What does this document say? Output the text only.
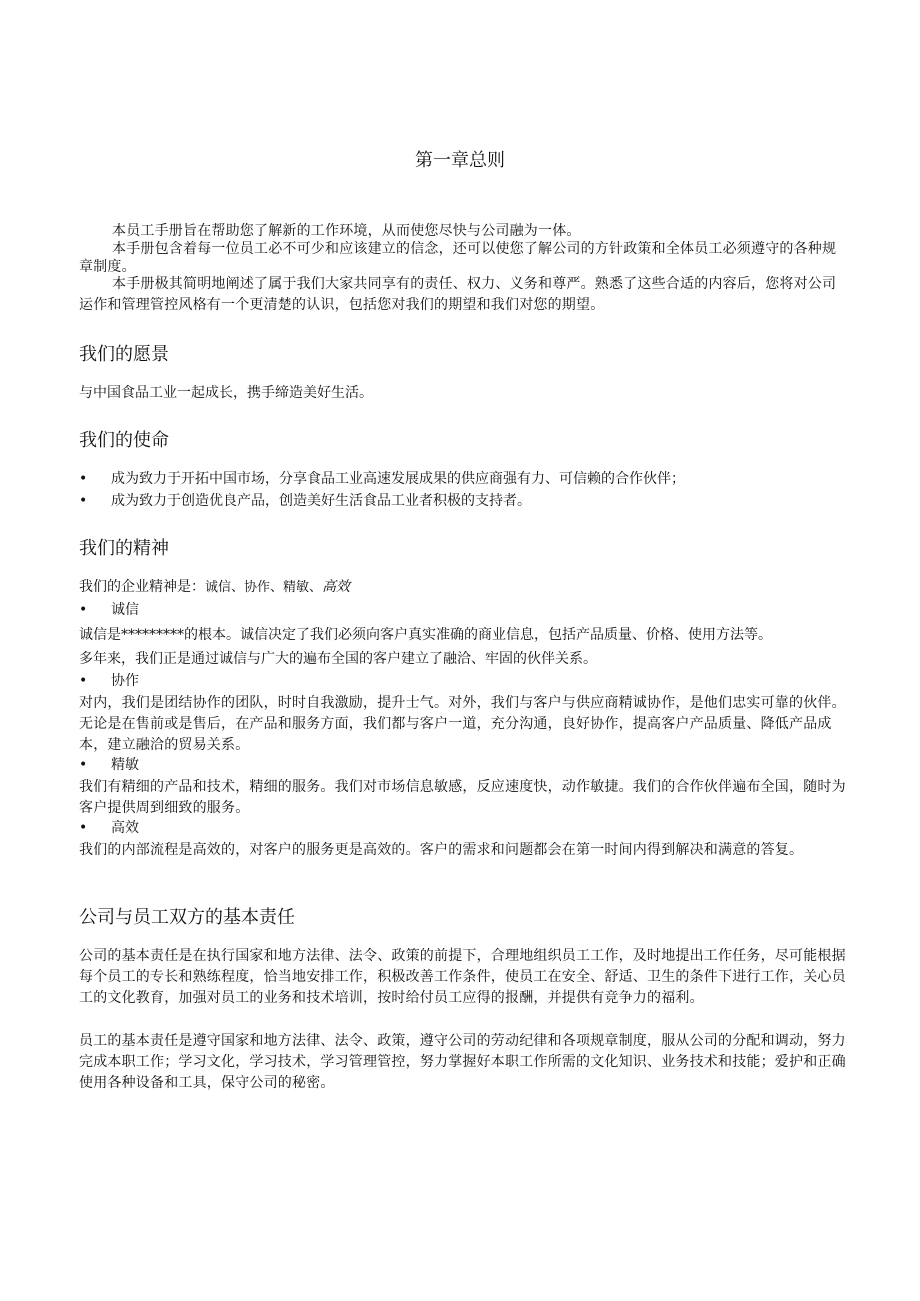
第一章总则
本员工手册旨在帮助您了解新的工作环境，从而使您尽快与公司融为一体。
本手册包含着每一位员工必不可少和应该建立的信念，还可以使您了解公司的方针政策和全体员工必须遵守的各种规章制度。
本手册极其简明地阐述了属于我们大家共同享有的责任、权力、义务和尊严。熟悉了这些合适的内容后，您将对公司运作和管理管控风格有一个更清楚的认识，包括您对我们的期望和我们对您的期望。
我们的愿景
与中国食品工业一起成长，携手缔造美好生活。
我们的使命
• 成为致力于开拓中国市场，分享食品工业高速发展成果的供应商强有力、可信赖的合作伙伴；
• 成为致力于创造优良产品，创造美好生活食品工业者积极的支持者。
我们的精神
我们的企业精神是：诚信、协作、精敏、高效
• 诚信
诚信是*********的根本。诚信决定了我们必须向客户真实准确的商业信息，包括产品质量、价格、使用方法等。
多年来，我们正是通过诚信与广大的遍布全国的客户建立了融洽、牢固的伙伴关系。
• 协作
对内，我们是团结协作的团队，时时自我激励，提升士气。对外，我们与客户与供应商精诚协作，是他们忠实可靠的伙伴。无论是在售前或是售后，在产品和服务方面，我们都与客户一道，充分沟通，良好协作，提高客户产品质量、降低产品成本，建立融洽的贸易关系。
• 精敏
我们有精细的产品和技术，精细的服务。我们对市场信息敏感，反应速度快，动作敏捷。我们的合作伙伴遍布全国，随时为客户提供周到细致的服务。
• 高效
我们的内部流程是高效的，对客户的服务更是高效的。客户的需求和问题都会在第一时间内得到解决和满意的答复。
公司与员工双方的基本责任
公司的基本责任是在执行国家和地方法律、法令、政策的前提下，合理地组织员工工作，及时地提出工作任务，尽可能根据每个员工的专长和熟练程度，恰当地安排工作，积极改善工作条件，使员工在安全、舒适、卫生的条件下进行工作，关心员工的文化教育，加强对员工的业务和技术培训，按时给付员工应得的报酬，并提供有竞争力的福利。
员工的基本责任是遵守国家和地方法律、法令、政策，遵守公司的劳动纪律和各项规章制度，服从公司的分配和调动，努力完成本职工作；学习文化，学习技术，学习管理管控，努力掌握好本职工作所需的文化知识、业务技术和技能；爱护和正确使用各种设备和工具，保守公司的秘密。
